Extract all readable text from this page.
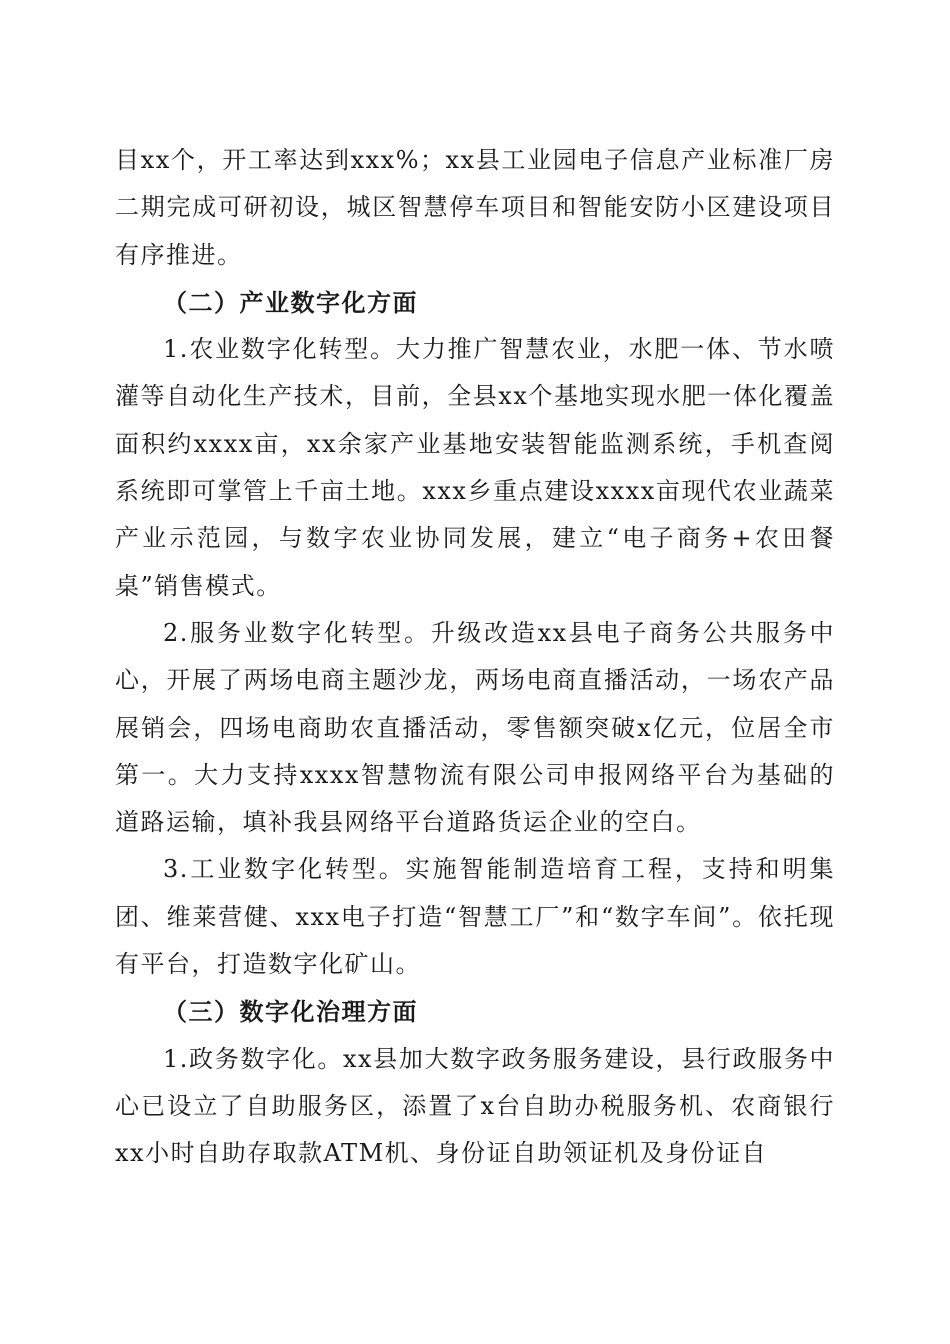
目xx个，开工率达到xxx%；xx县工业园电子信息产业标准厂房二期完成可研初设，城区智慧停车项目和智能安防小区建设项目有序推进。

（二）产业数字化方面

1.农业数字化转型。大力推广智慧农业，水肥一体、节水喷灌等自动化生产技术，目前，全县xx个基地实现水肥一体化覆盖面积约xxxx亩，xx余家产业基地安装智能监测系统，手机查阅系统即可掌管上千亩土地。xxx乡重点建设xxxx亩现代农业蔬菜产业示范园，与数字农业协同发展，建立“电子商务+农田餐桌”销售模式。

2.服务业数字化转型。升级改造xx县电子商务公共服务中心，开展了两场电商主题沙龙，两场电商直播活动，一场农产品展销会，四场电商助农直播活动，零售额突破x亿元，位居全市第一。大力支持xxxx智慧物流有限公司申报网络平台为基础的道路运输，填补我县网络平台道路货运企业的空白。

3.工业数字化转型。实施智能制造培育工程，支持和明集团、维莱营健、xxx电子打造“智慧工厂”和“数字车间”。依托现有平台，打造数字化矿山。

（三）数字化治理方面

1.政务数字化。xx县加大数字政务服务建设，县行政服务中心已设立了自助服务区，添置了x台自助办税服务机、农商银行xx小时自助存取款ATM机、身份证自助领证机及身份证自
